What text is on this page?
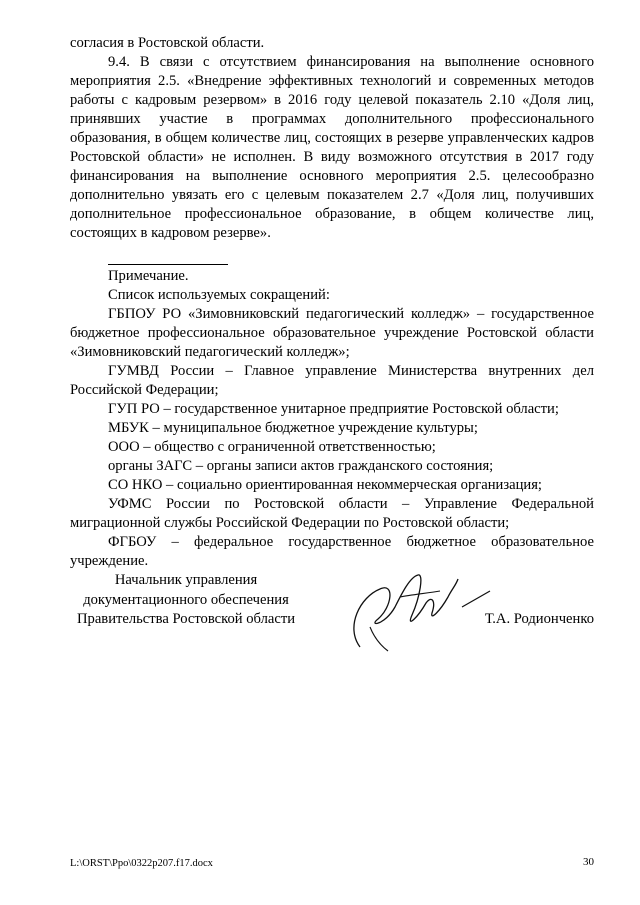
согласия в Ростовской области.

9.4. В связи с отсутствием финансирования на выполнение основного мероприятия 2.5. «Внедрение эффективных технологий и современных методов работы с кадровым резервом» в 2016 году целевой показатель 2.10 «Доля лиц, принявших участие в программах дополнительного профессионального образования, в общем количестве лиц, состоящих в резерве управленческих кадров Ростовской области» не исполнен. В виду возможного отсутствия в 2017 году финансирования на выполнение основного мероприятия 2.5. целесообразно дополнительно увязать его с целевым показателем 2.7 «Доля лиц, получивших дополнительное профессиональное образование, в общем количестве лиц, состоящих в кадровом резерве».

Примечание.

Список используемых сокращений:

ГБПОУ РО «Зимовниковский педагогический колледж» – государственное бюджетное профессиональное образовательное учреждение Ростовской области «Зимовниковский педагогический колледж»;

ГУМВД России – Главное управление Министерства внутренних дел Российской Федерации;

ГУП РО – государственное унитарное предприятие Ростовской области;

МБУК – муниципальное бюджетное учреждение культуры;

ООО – общество с ограниченной ответственностью;

органы ЗАГС – органы записи актов гражданского состояния;

СО НКО – социально ориентированная некоммерческая организация;

УФМС России по Ростовской области – Управление Федеральной миграционной службы Российской Федерации по Ростовской области;

ФГБОУ – федеральное государственное бюджетное образовательное учреждение.

Начальник управления
документационного обеспечения
Правительства Ростовской области	Т.А. Родионченко
L:\ORST\Ppo\0322p207.f17.docx	30
